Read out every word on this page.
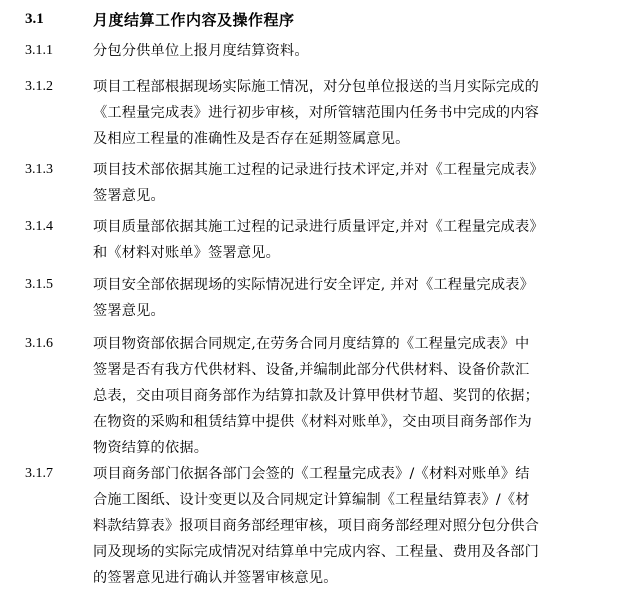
3.1	月度结算工作内容及操作程序
3.1.1	分包分供单位上报月度结算资料。
3.1.2	项目工程部根据现场实际施工情况，对分包单位报送的当月实际完成的
《工程量完成表》进行初步审核，对所管辖范围内任务书中完成的内容
及相应工程量的准确性及是否存在延期签属意见。
3.1.3	项目技术部依据其施工过程的记录进行技术评定,并对《工程量完成表》
签署意见。
3.1.4	项目质量部依据其施工过程的记录进行质量评定,并对《工程量完成表》
和《材料对账单》签署意见。
3.1.5	项目安全部依据现场的实际情况进行安全评定, 并对《工程量完成表》
签署意见。
3.1.6	项目物资部依据合同规定,在劳务合同月度结算的《工程量完成表》中
签署是否有我方代供材料、设备,并编制此部分代供材料、设备价款汇
总表，交由项目商务部作为结算扣款及计算甲供材节超、奖罚的依据；
在物资的采购和租赁结算中提供《材料对账单》，交由项目商务部作为
物资结算的依据。
3.1.7	项目商务部门依据各部门会签的《工程量完成表》/《材料对账单》结
合施工图纸、设计变更以及合同规定计算编制《工程量结算表》/《材
料款结算表》报项目商务部经理审核，项目商务部经理对照分包分供合
同及现场的实际完成情况对结算单中完成内容、工程量、费用及各部门
的签署意见进行确认并签署审核意见。
